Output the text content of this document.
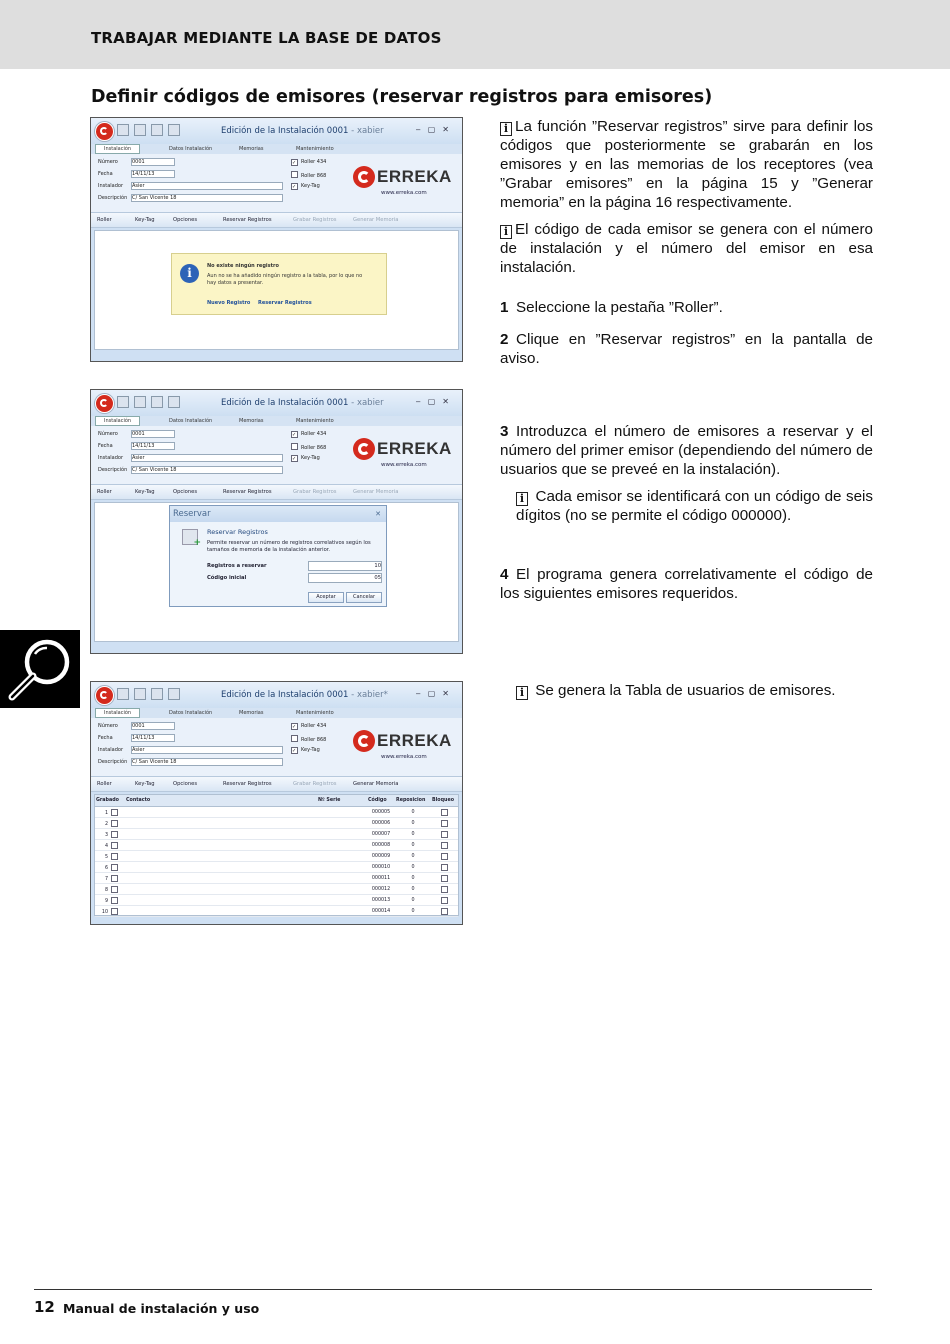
TRABAJAR MEDIANTE LA BASE DE DATOS
Definir códigos de emisores (reservar registros para emisores)
Edición de la Instalación 0001 - xabier	‒▢✕
Instalación	Datos Instalación	Memorias	Mantenimiento
Número	0001
Fecha	14/11/13
Instalador Asier
Descripción C/ San Vicente 18
✓ Roller 434
Roller 868
✓ Key-Tag	ERREKA
www.erreka.com
Roller	Key-Tag	Opciones	Reservar Registros	Grabar Registros	Generar Memoria
i	No existe ningún registro
Aun no se ha añadido ningún registro a la tabla, por lo que no hay datos a presentar.
Nuevo Registro Reservar Registros
Edición de la Instalación 0001 - xabier	‒▢✕
Instalación	Datos Instalación	Memorias	Mantenimiento
Número	0001
Fecha	14/11/13
Instalador Asier
Descripción C/ San Vicente 18
✓ Roller 434
Roller 868
✓ Key-Tag	ERREKA
www.erreka.com
Roller	Key-Tag	Opciones	Reservar Registros	Grabar Registros	Generar Memoria
Reservar	✕
+
Reservar Registros
Permite reservar un número de registros correlativos según los tamaños de memoria de la instalación anterior.
Registros a reservar	10
Código inicial	05
Aceptar	Cancelar
Edición de la Instalación 0001 - xabier*	‒▢✕
Instalación	Datos Instalación	Memorias	Mantenimiento
Número	0001
Fecha	14/11/13
Instalador Asier
Descripción C/ San Vicente 18
✓ Roller 434
Roller 868
✓ Key-Tag	ERREKA
www.erreka.com
Roller	Key-Tag	Opciones	Reservar Registros	Grabar Registros	Generar Memoria
Grabado	Contacto	Nº Serie	Código	Reposicion	Bloqueo
1			000005	0	
2			000006	0	
3			000007	0	
4			000008	0	
5			000009	0	
6			000010	0	
7			000011	0	
8			000012	0	
9			000013	0	
10			000014	0	
i La función ”Reservar registros” sirve para definir los códigos que posteriormente se grabarán en los emisores y en las memorias de los receptores (vea ”Grabar emisores” en la página 15 y ”Generar memoria” en la página 16 respectivamente.
i El código de cada emisor se genera con el número de instalación y el número del emisor en esa instalación.
1 Seleccione la pestaña ”Roller”.
2 Clique en ”Reservar registros” en la pantalla de aviso.
3 Introduzca el número de emisores a reservar y el número del primer emisor (dependiendo del número de usuarios que se preveé en la instalación).
i Cada emisor se identificará con un código de seis dígitos (no se permite el código 000000).
4 El programa genera correlativamente el código de los siguientes emisores requeridos.
i Se genera la Tabla de usuarios de emisores.
12 Manual de instalación y uso
